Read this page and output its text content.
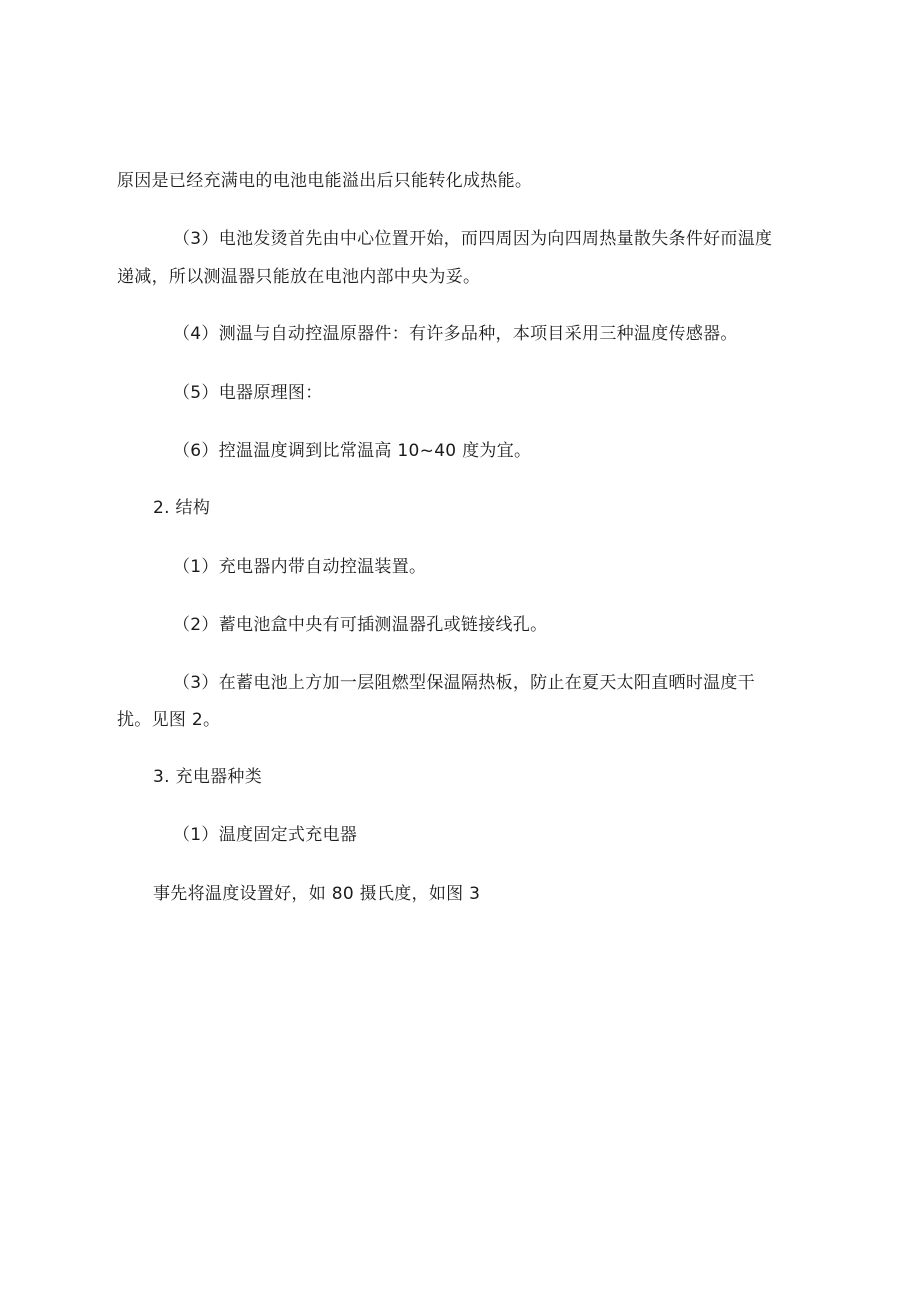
原因是已经充满电的电池电能溢出后只能转化成热能。
（3）电池发烫首先由中心位置开始，而四周因为向四周热量散失条件好而温度
递减，所以测温器只能放在电池内部中央为妥。
（4）测温与自动控温原器件：有许多品种，本项目采用三种温度传感器。
（5）电器原理图：
（6）控温温度调到比常温高 10~40 度为宜。
2. 结构
（1）充电器内带自动控温装置。
（2）蓄电池盒中央有可插测温器孔或链接线孔。
（3）在蓄电池上方加一层阻燃型保温隔热板，防止在夏天太阳直晒时温度干
扰。见图 2。
3. 充电器种类
（1）温度固定式充电器
事先将温度设置好，如 80 摄氏度，如图 3
